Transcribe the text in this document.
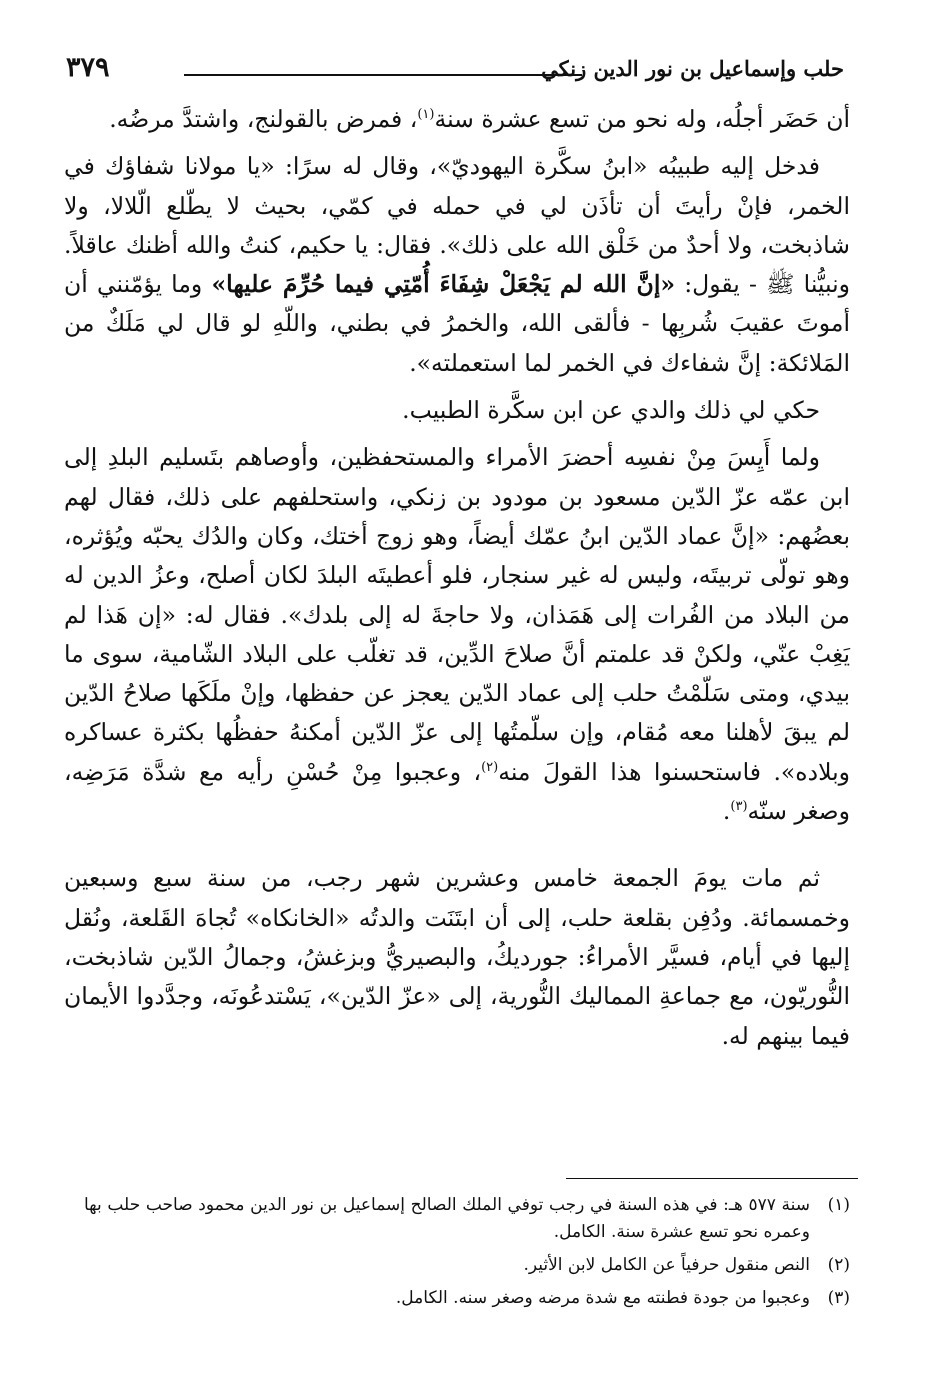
حلب وإسماعيل بن نور الدين زنكي
٣٧٩

أن حَضَر أجلُه، وله نحو من تسع عشرة سنة$^{(١)}$، فمرض بالقولنج، واشتدَّ مرضُه.

فدخل إليه طبيبُه «ابنُ سكَّرة اليهوديّ»، وقال له سرًا: «يا مولانا شفاؤك في الخمر، فإنْ رأيتَ أن تأذَن لي في حمله في كمّي، بحيث لا يطّلع الّلالا، ولا شاذبخت، ولا أحدٌ من خَلْق الله على ذلك». فقال: يا حكيم، كنتُ والله أظنك عاقلاً. ونبيُّنا ﷺ - يقول: «إنَّ الله لم يَجْعَلْ شِفَاءَ أُمّتِي فيما حُرِّمَ عليها» وما يؤمّنني أن أموتَ عقيبَ شُربِها - فألقى الله، والخمرُ في بطني، واللّهِ لو قال لي مَلَكٌ من المَلائكة: إنَّ شفاءك في الخمر لما استعملته».

حكي لي ذلك والدي عن ابن سكَّرة الطبيب.

ولما أَيِسَ مِنْ نفسِه أحضرَ الأمراء والمستحفظين، وأوصاهم بتَسليم البلدِ إلى ابن عمّه عزّ الدّين مسعود بن مودود بن زنكي، واستحلفهم على ذلك، فقال لهم بعضُهم: «إنَّ عماد الدّين ابنُ عمّك أيضاً، وهو زوج أختك، وكان والدُك يحبّه ويُؤثره، وهو تولّى تربيتَه، وليس له غير سنجار، فلو أعطيتَه البلدَ لكان أصلح، وعزُ الدين له من البلاد من الفُرات إلى هَمَذان، ولا حاجةَ له إلى بلدك». فقال له: «إن هَذا لم يَغِبْ عنّي، ولكنْ قد علمتم أنَّ صلاحَ الدِّين، قد تغلّب على البلاد الشّامية، سوى ما بيدي، ومتى سَلّمْتُ حلب إلى عماد الدّين يعجز عن حفظها، وإنْ ملَكَها صلاحُ الدّين لم يبقَ لأهلنا معه مُقام، وإن سلّمتُها إلى عزّ الدّين أمكنهُ حفظُها بكثرة عساكره وبلاده». فاستحسنوا هذا القولَ منه$^{(٢)}$، وعجبوا مِنْ حُسْنِ رأيه مع شدَّة مَرَضِه، وصغر سنّه$^{(٣)}$.

ثم مات يومَ الجمعة خامس وعشرين شهر رجب، من سنة سبع وسبعين وخمسمائة. ودُفِن بقلعة حلب، إلى أن ابتَنَت والدتُه «الخانكاه» تُجاهَ القَلعة، ونُقل إليها في أيام، فسيَّر الأمراءُ: جورديكُ، والبصيريُّ وبزغشُ، وجمالُ الدّين شاذبخت، النُّوريّون، مع جماعةِ المماليك النُّورية، إلى «عزّ الدّين»، يَسْتدعُونَه، وجدَّدوا الأيمان فيما بينهم له.

(١)
سنة ٥٧٧ هـ: في هذه السنة في رجب توفي الملك الصالح إسماعيل بن نور الدين محمود صاحب حلب بها وعمره نحو تسع عشرة سنة. الكامل.
(٢)
النص منقول حرفياً عن الكامل لابن الأثير.
(٣)
وعجبوا من جودة فطنته مع شدة مرضه وصغر سنه. الكامل.
